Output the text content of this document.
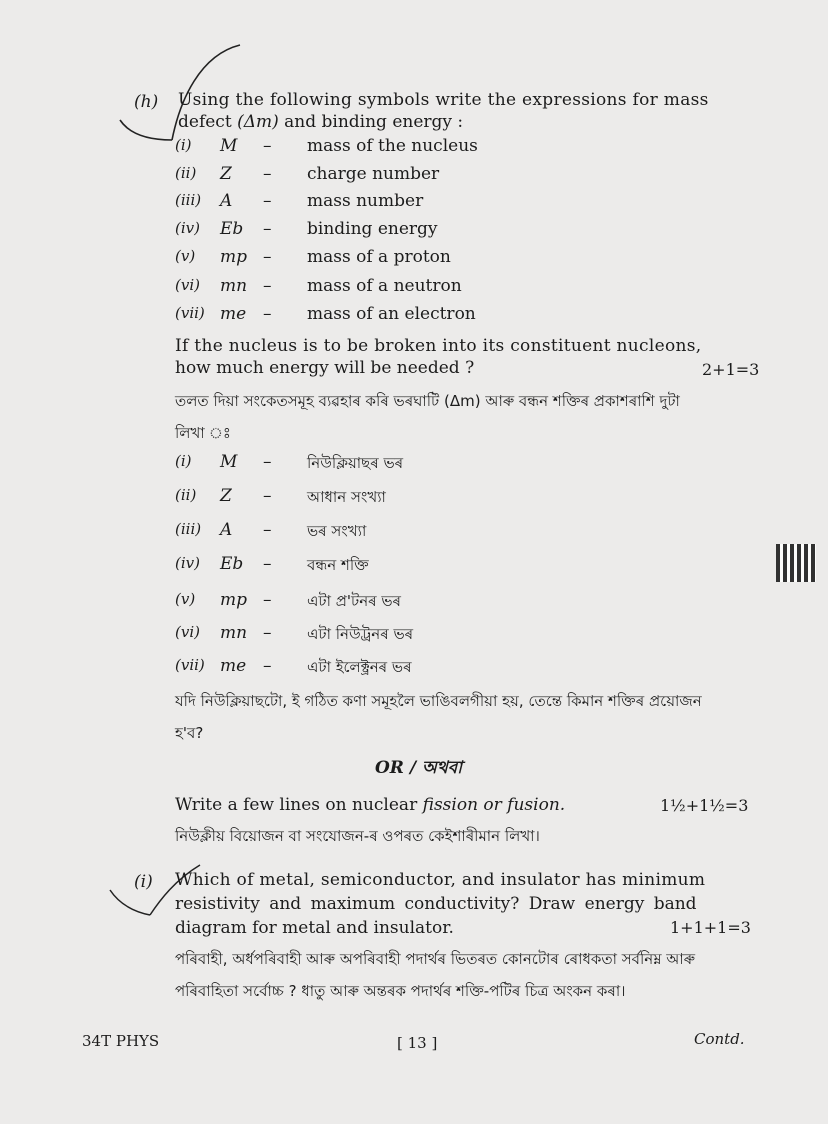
(h) Using the following symbols write the expressions for mass
defect (Δm) and binding energy :
(i) M – mass of the nucleus
(ii) Z – charge number
(iii) A – mass number
(iv) Eb – binding energy
(v) mp – mass of a proton
(vi) mn – mass of a neutron
(vii) me – mass of an electron
If the nucleus is to be broken into its constituent nucleons,
how much energy will be needed ?	2+1=3
তলত দিয়া সংকেতসমূহ ব্যৱহাৰ কৰি ভৰঘাটি (Δm) আৰু বন্ধন শক্তিৰ প্ৰকাশৰাশি দুটা
লিখা ঃ
(i) M – নিউক্লিয়াছৰ ভৰ
(ii) Z – আধান সংখ্যা
(iii) A – ভৰ সংখ্যা
(iv) Eb – বন্ধন শক্তি
(v) mp – এটা প্ৰ'টনৰ ভৰ
(vi) mn – এটা নিউট্ৰনৰ ভৰ
(vii) me – এটা ইলেক্ট্ৰনৰ ভৰ
যদি নিউক্লিয়াছটো, ই গঠিত কণা সমূহলৈ ভাঙিবলগীয়া হয়, তেন্তে কিমান শক্তিৰ প্ৰয়োজন
হ'ব?
OR / অথবা
Write a few lines on nuclear fission or fusion.	1½+1½=3
নিউক্লীয় বিয়োজন বা সংযোজন-ৰ ওপৰত কেইশাৰীমান লিখা।
(i) Which of metal, semiconductor, and insulator has minimum
resistivity and maximum conductivity? Draw energy band
diagram for metal and insulator.	1+1+1=3
পৰিবাহী, অৰ্ধপৰিবাহী আৰু অপৰিবাহী পদাৰ্থৰ ভিতৰত কোনটোৰ ৰোধকতা সৰ্বনিম্ন আৰু
পৰিবাহিতা সৰ্বোচ্চ ? ধাতু আৰু অন্তৰক পদাৰ্থৰ শক্তি-পটিৰ চিত্ৰ অংকন কৰা।
34T PHYS	[ 13 ]	Contd.
